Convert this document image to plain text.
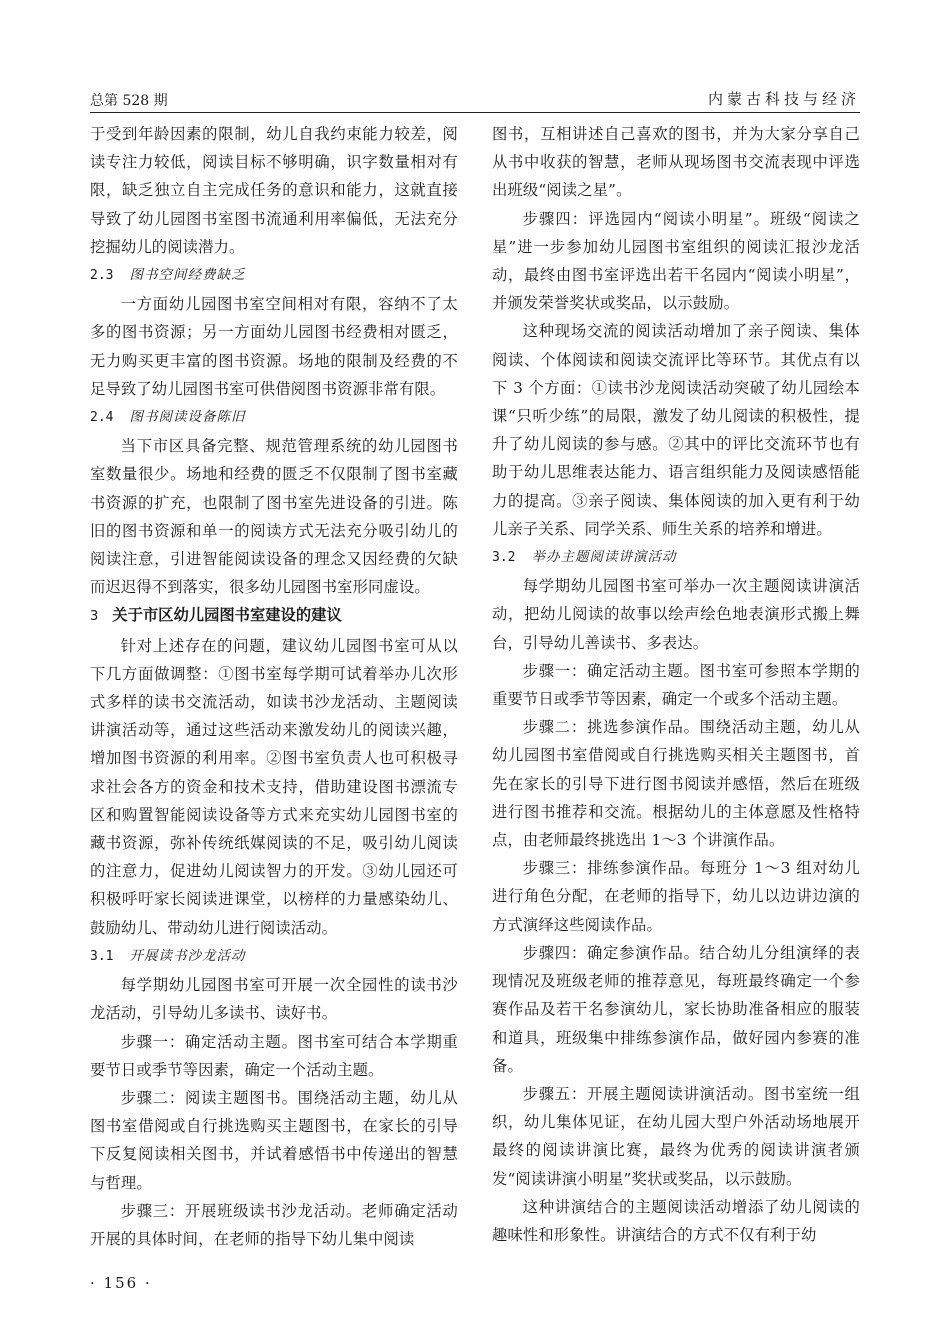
总第 528 期	内蒙古科技与经济

于受到年龄因素的限制，幼儿自我约束能力较差，阅读专注力较低，阅读目标不够明确，识字数量相对有限，缺乏独立自主完成任务的意识和能力，这就直接导致了幼儿园图书室图书流通利用率偏低，无法充分挖掘幼儿的阅读潜力。

2.3 图书空间经费缺乏

一方面幼儿园图书室空间相对有限，容纳不了太多的图书资源；另一方面幼儿园图书经费相对匮乏，无力购买更丰富的图书资源。场地的限制及经费的不足导致了幼儿园图书室可供借阅图书资源非常有限。

2.4 图书阅读设备陈旧

当下市区具备完整、规范管理系统的幼儿园图书室数量很少。场地和经费的匮乏不仅限制了图书室藏书资源的扩充，也限制了图书室先进设备的引进。陈旧的图书资源和单一的阅读方式无法充分吸引幼儿的阅读注意，引进智能阅读设备的理念又因经费的欠缺而迟迟得不到落实，很多幼儿园图书室形同虚设。

3 关于市区幼儿园图书室建设的建议

针对上述存在的问题，建议幼儿园图书室可从以下几方面做调整：①图书室每学期可试着举办儿次形式多样的读书交流活动，如读书沙龙活动、主题阅读讲演活动等，通过这些活动来激发幼儿的阅读兴趣，增加图书资源的利用率。②图书室负责人也可积极寻求社会各方的资金和技术支持，借助建设图书漂流专区和购置智能阅读设备等方式来充实幼儿园图书室的藏书资源，弥补传统纸媒阅读的不足，吸引幼儿阅读的注意力，促进幼儿阅读智力的开发。③幼儿园还可积极呼吁家长阅读进课堂，以榜样的力量感染幼儿、鼓励幼儿、带动幼儿进行阅读活动。

3.1 开展读书沙龙活动

每学期幼儿园图书室可开展一次全园性的读书沙龙活动，引导幼儿多读书、读好书。

步骤一：确定活动主题。图书室可结合本学期重要节日或季节等因素，确定一个活动主题。

步骤二：阅读主题图书。围绕活动主题，幼儿从图书室借阅或自行挑选购买主题图书，在家长的引导下反复阅读相关图书，并试着感悟书中传递出的智慧与哲理。

步骤三：开展班级读书沙龙活动。老师确定活动开展的具体时间，在老师的指导下幼儿集中阅读

图书，互相讲述自己喜欢的图书，并为大家分享自己从书中收获的智慧，老师从现场图书交流表现中评选出班级“阅读之星”。

步骤四：评选园内“阅读小明星”。班级“阅读之星”进一步参加幼儿园图书室组织的阅读汇报沙龙活动，最终由图书室评选出若干名园内“阅读小明星”，并颁发荣誉奖状或奖品，以示鼓励。

这种现场交流的阅读活动增加了亲子阅读、集体阅读、个体阅读和阅读交流评比等环节。其优点有以下 3 个方面：①读书沙龙阅读活动突破了幼儿园绘本课“只听少练”的局限，激发了幼儿阅读的积极性，提升了幼儿阅读的参与感。②其中的评比交流环节也有助于幼儿思维表达能力、语言组织能力及阅读感悟能力的提高。③亲子阅读、集体阅读的加入更有利于幼儿亲子关系、同学关系、师生关系的培养和增进。

3.2 举办主题阅读讲演活动

每学期幼儿园图书室可举办一次主题阅读讲演活动，把幼儿阅读的故事以绘声绘色地表演形式搬上舞台，引导幼儿善读书、多表达。

步骤一：确定活动主题。图书室可参照本学期的重要节日或季节等因素，确定一个或多个活动主题。

步骤二：挑选参演作品。围绕活动主题，幼儿从幼儿园图书室借阅或自行挑选购买相关主题图书，首先在家长的引导下进行图书阅读并感悟，然后在班级进行图书推荐和交流。根据幼儿的主体意愿及性格特点，由老师最终挑选出 1～3 个讲演作品。

步骤三：排练参演作品。每班分 1～3 组对幼儿进行角色分配，在老师的指导下，幼儿以边讲边演的方式演绎这些阅读作品。

步骤四：确定参演作品。结合幼儿分组演绎的表现情况及班级老师的推荐意见，每班最终确定一个参赛作品及若干名参演幼儿，家长协助准备相应的服装和道具，班级集中排练参演作品，做好园内参赛的准备。

步骤五：开展主题阅读讲演活动。图书室统一组织，幼儿集体见证，在幼儿园大型户外活动场地展开最终的阅读讲演比赛，最终为优秀的阅读讲演者颁发“阅读讲演小明星”奖状或奖品，以示鼓励。

这种讲演结合的主题阅读活动增添了幼儿阅读的趣味性和形象性。讲演结合的方式不仅有利于幼

· 156 ·
